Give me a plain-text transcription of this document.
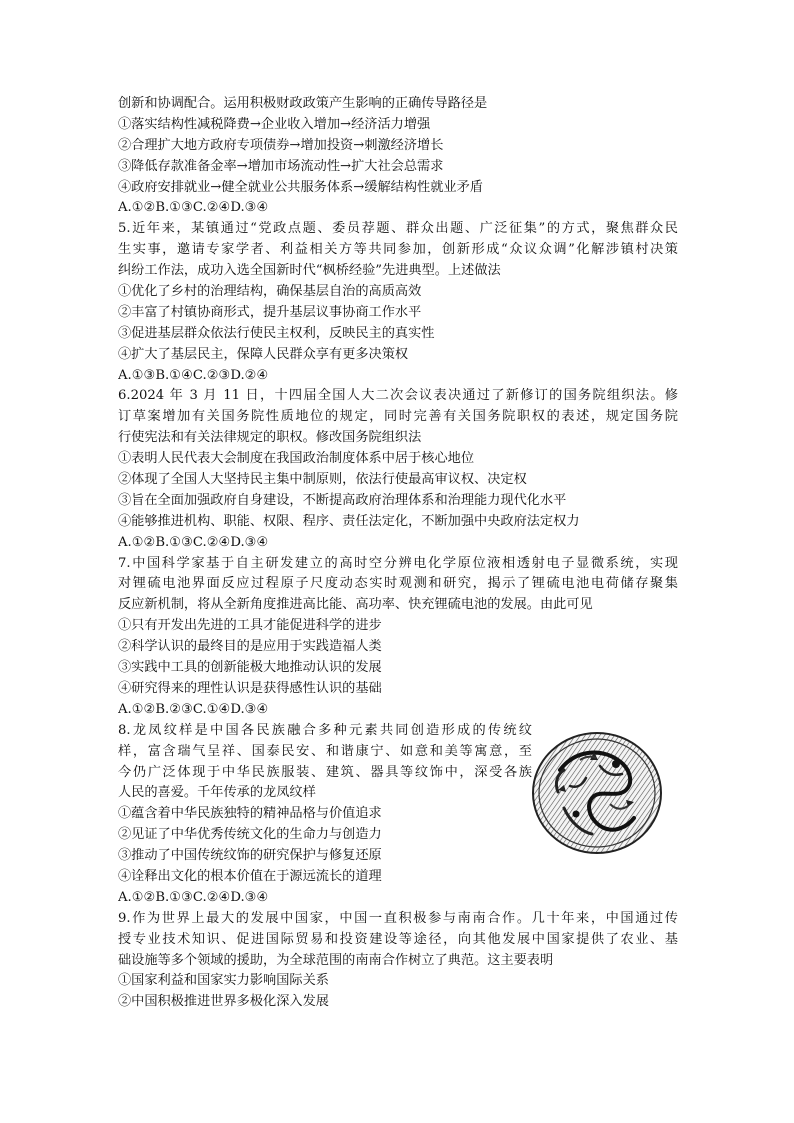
创新和协调配合。运用积极财政政策产生影响的正确传导路径是
①落实结构性减税降费→企业收入增加→经济活力增强
②合理扩大地方政府专项债券→增加投资→刺激经济增长
③降低存款准备金率→增加市场流动性→扩大社会总需求
④政府安排就业→健全就业公共服务体系→缓解结构性就业矛盾
A.①②B.①③C.②④D.③④
5.近年来，某镇通过“党政点题、委员荐题、群众出题、广泛征集”的方式，聚焦群众民
生实事，邀请专家学者、利益相关方等共同参加，创新形成“众议众调”化解涉镇村决策
纠纷工作法，成功入选全国新时代“枫桥经验”先进典型。上述做法
①优化了乡村的治理结构，确保基层自治的高质高效
②丰富了村镇协商形式，提升基层议事协商工作水平
③促进基层群众依法行使民主权利，反映民主的真实性
④扩大了基层民主，保障人民群众享有更多决策权
A.①③B.①④C.②③D.②④
6.2024 年 3 月 11 日，十四届全国人大二次会议表决通过了新修订的国务院组织法。修
订草案增加有关国务院性质地位的规定，同时完善有关国务院职权的表述，规定国务院
行使宪法和有关法律规定的职权。修改国务院组织法
①表明人民代表大会制度在我国政治制度体系中居于核心地位
②体现了全国人大坚持民主集中制原则，依法行使最高审议权、决定权
③旨在全面加强政府自身建设，不断提高政府治理体系和治理能力现代化水平
④能够推进机构、职能、权限、程序、责任法定化，不断加强中央政府法定权力
A.①②B.①③C.②④D.③④
7.中国科学家基于自主研发建立的高时空分辨电化学原位液相透射电子显微系统，实现
对锂硫电池界面反应过程原子尺度动态实时观测和研究，揭示了锂硫电池电荷储存聚集
反应新机制，将从全新角度推进高比能、高功率、快充锂硫电池的发展。由此可见
①只有开发出先进的工具才能促进科学的进步
②科学认识的最终目的是应用于实践造福人类
③实践中工具的创新能极大地推动认识的发展
④研究得来的理性认识是获得感性认识的基础
A.①②B.②③C.①④D.③④
8.龙凤纹样是中国各民族融合多种元素共同创造形成的传统纹
样，富含瑞气呈祥、国泰民安、和谐康宁、如意和美等寓意，至
今仍广泛体现于中华民族服装、建筑、器具等纹饰中，深受各族
人民的喜爱。千年传承的龙凤纹样
①蕴含着中华民族独特的精神品格与价值追求
②见证了中华优秀传统文化的生命力与创造力
③推动了中国传统纹饰的研究保护与修复还原
④诠释出文化的根本价值在于源远流长的道理
A.①②B.①③C.②④D.③④
9.作为世界上最大的发展中国家，中国一直积极参与南南合作。几十年来，中国通过传
授专业技术知识、促进国际贸易和投资建设等途径，向其他发展中国家提供了农业、基
础设施等多个领域的援助，为全球范围的南南合作树立了典范。这主要表明
①国家利益和国家实力影响国际关系
②中国积极推进世界多极化深入发展
